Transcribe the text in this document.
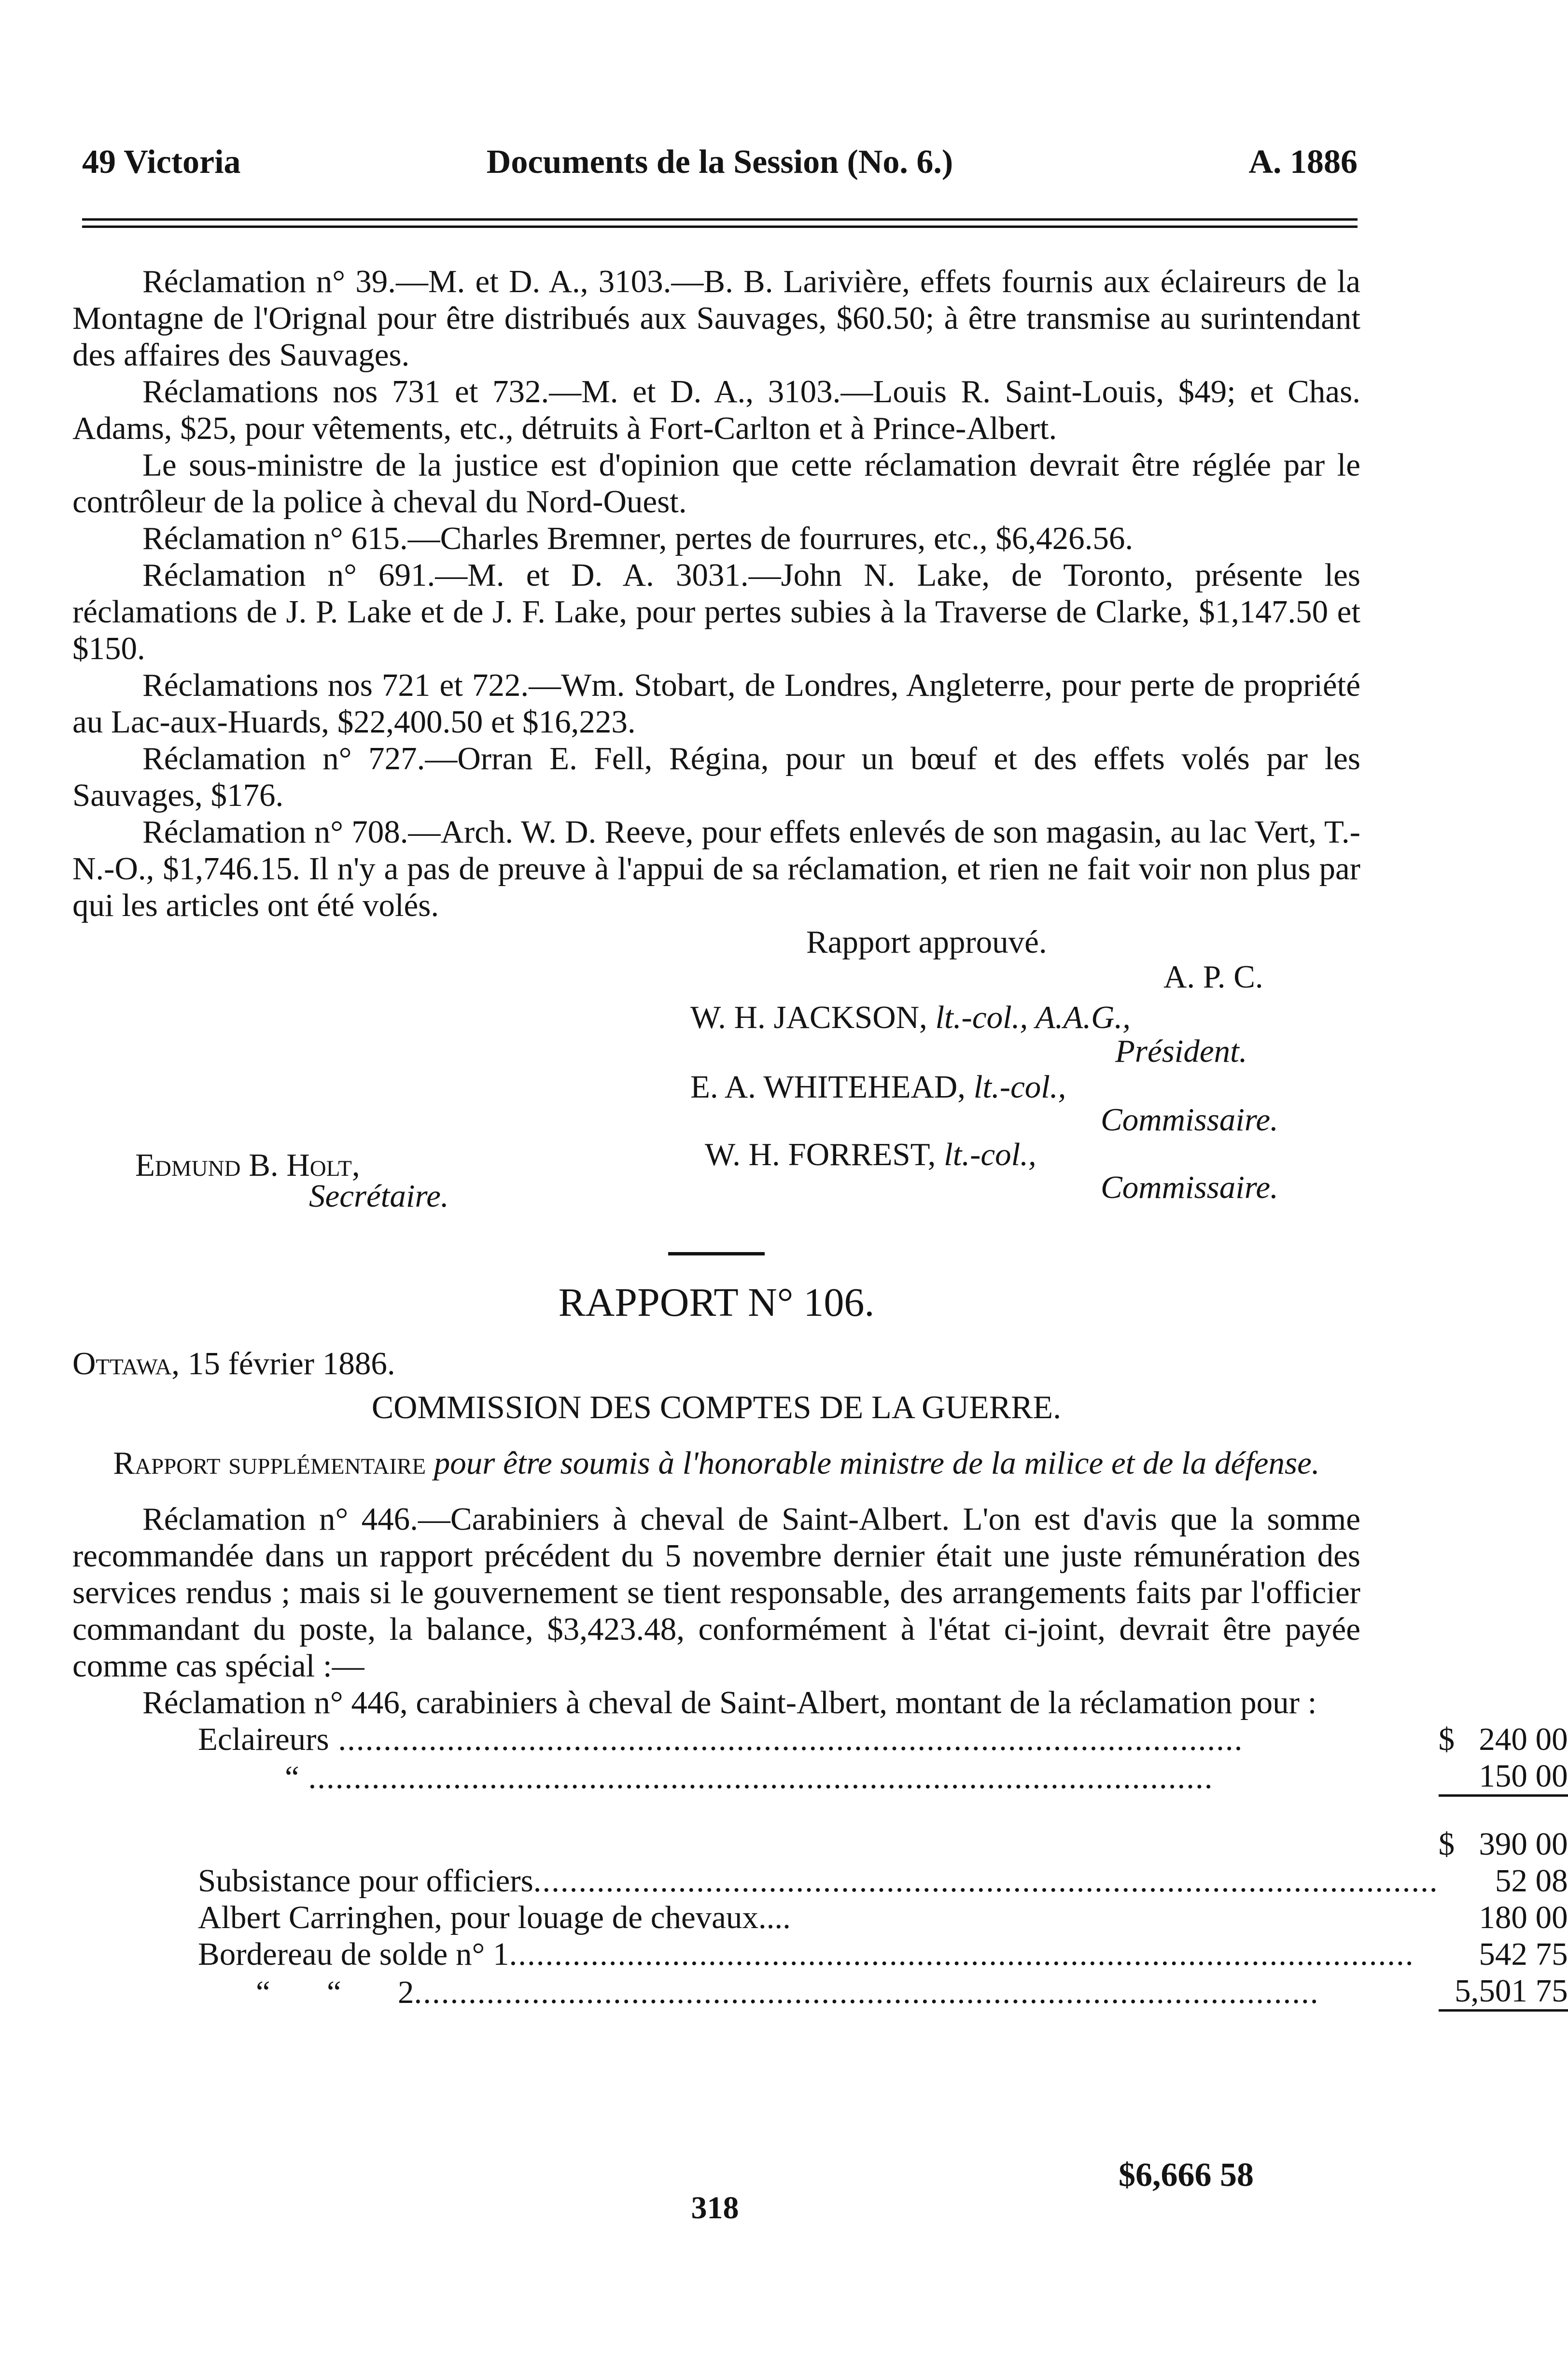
49 Victoria	Documents de la Session (No. 6.)	A. 1886

Réclamation n° 39.—M. et D. A., 3103.—B. B. Larivière, effets fournis aux éclaireurs de la Montagne de l'Orignal pour être distribués aux Sauvages, $60.50; à être transmise au surintendant des affaires des Sauvages.

Réclamations nos 731 et 732.—M. et D. A., 3103.—Louis R. Saint-Louis, $49; et Chas. Adams, $25, pour vêtements, etc., détruits à Fort-Carlton et à Prince-Albert.

Le sous-ministre de la justice est d'opinion que cette réclamation devrait être réglée par le contrôleur de la police à cheval du Nord-Ouest.

Réclamation n° 615.—Charles Bremner, pertes de fourrures, etc., $6,426.56.

Réclamation n° 691.—M. et D. A. 3031.—John N. Lake, de Toronto, présente les réclamations de J. P. Lake et de J. F. Lake, pour pertes subies à la Traverse de Clarke, $1,147.50 et $150.

Réclamations nos 721 et 722.—Wm. Stobart, de Londres, Angleterre, pour perte de propriété au Lac-aux-Huards, $22,400.50 et $16,223.

Réclamation n° 727.—Orran E. Fell, Régina, pour un bœuf et des effets volés par les Sauvages, $176.

Réclamation n° 708.—Arch. W. D. Reeve, pour effets enlevés de son magasin, au lac Vert, T.-N.-O., $1,746.15. Il n'y a pas de preuve à l'appui de sa réclamation, et rien ne fait voir non plus par qui les articles ont été volés.

Rapport approuvé.
A. P. C.
W. H. JACKSON, lt.-col., A.A.G.,
Président.
E. A. WHITEHEAD, lt.-col.,
Commissaire.
W. H. FORREST, lt.-col.,
Commissaire.
Edmund B. Holt,
Secrétaire.

RAPPORT N° 106.

Ottawa, 15 février 1886.

COMMISSION DES COMPTES DE LA GUERRE.

Rapport supplémentaire pour être soumis à l'honorable ministre de la milice et de la défense.

Réclamation n° 446.—Carabiniers à cheval de Saint-Albert. L'on est d'avis que la somme recommandée dans un rapport précédent du 5 novembre dernier était une juste rémunération des services rendus ; mais si le gouvernement se tient responsable, des arrangements faits par l'officier commandant du poste, la balance, $3,423.48, conformément à l'état ci-joint, devrait être payée comme cas spécial :—

Réclamation n° 446, carabiniers à cheval de Saint-Albert, montant de la réclamation pour :

Eclaireurs ....................................................................................................	$	240 00
“ ....................................................................................................		150 00

	$	390 00
Subsistance pour officiers....................................................................................................		52 08
Albert Carringhen, pour louage de chevaux....		180 00
Bordereau de solde n° 1....................................................................................................		542 75
“       “       2....................................................................................................		5,501 75

$6,666 58
318
